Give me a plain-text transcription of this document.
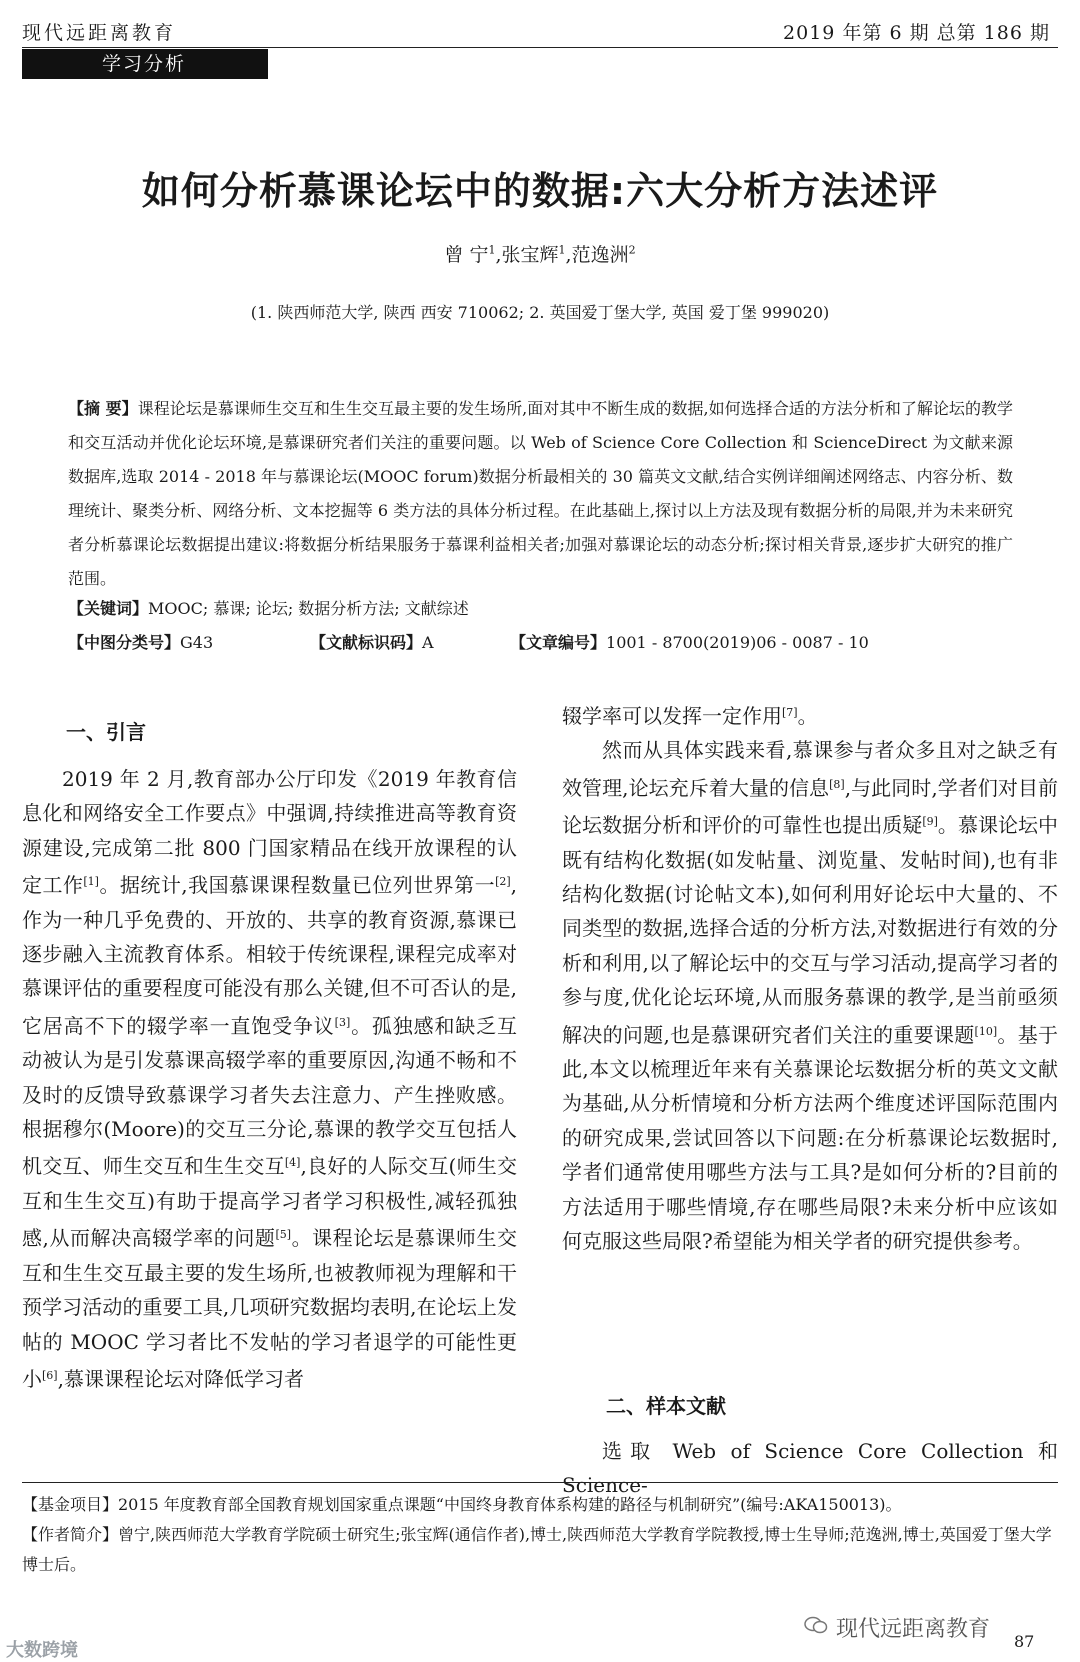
现代远距离教育	2019 年第 6 期 总第 186 期
学习分析
如何分析慕课论坛中的数据:六大分析方法述评
曾 宁$^1$,张宝辉$^1$,范逸洲$^2$
(1. 陕西师范大学, 陕西 西安 710062; 2. 英国爱丁堡大学, 英国 爱丁堡 999020)
【摘 要】课程论坛是慕课师生交互和生生交互最主要的发生场所,面对其中不断生成的数据,如何选择合适的方法分析和了解论坛的教学和交互活动并优化论坛环境,是慕课研究者们关注的重要问题。以 Web of Science Core Collection 和 ScienceDirect 为文献来源数据库,选取 2014 - 2018 年与慕课论坛(MOOC forum)数据分析最相关的 30 篇英文文献,结合实例详细阐述网络志、内容分析、数理统计、聚类分析、网络分析、文本挖掘等 6 类方法的具体分析过程。在此基础上,探讨以上方法及现有数据分析的局限,并为未来研究者分析慕课论坛数据提出建议:将数据分析结果服务于慕课利益相关者;加强对慕课论坛的动态分析;探讨相关背景,逐步扩大研究的推广范围。
【关键词】MOOC; 慕课; 论坛; 数据分析方法; 文献综述
【中图分类号】G43	【文献标识码】A	【文章编号】1001 - 8700(2019)06 - 0087 - 10
一、引言

2019 年 2 月,教育部办公厅印发《2019 年教育信息化和网络安全工作要点》中强调,持续推进高等教育资源建设,完成第二批 800 门国家精品在线开放课程的认定工作[1]。据统计,我国慕课课程数量已位列世界第一[2],作为一种几乎免费的、开放的、共享的教育资源,慕课已逐步融入主流教育体系。相较于传统课程,课程完成率对慕课评估的重要程度可能没有那么关键,但不可否认的是,它居高不下的辍学率一直饱受争议[3]。孤独感和缺乏互动被认为是引发慕课高辍学率的重要原因,沟通不畅和不及时的反馈导致慕课学习者失去注意力、产生挫败感。根据穆尔(Moore)的交互三分论,慕课的教学交互包括人机交互、师生交互和生生交互[4],良好的人际交互(师生交互和生生交互)有助于提高学习者学习积极性,减轻孤独感,从而解决高辍学率的问题[5]。课程论坛是慕课师生交互和生生交互最主要的发生场所,也被教师视为理解和干预学习活动的重要工具,几项研究数据均表明,在论坛上发帖的 MOOC 学习者比不发帖的学习者退学的可能性更小[6],慕课课程论坛对降低学习者

辍学率可以发挥一定作用[7]。

然而从具体实践来看,慕课参与者众多且对之缺乏有效管理,论坛充斥着大量的信息[8],与此同时,学者们对目前论坛数据分析和评价的可靠性也提出质疑[9]。慕课论坛中既有结构化数据(如发帖量、浏览量、发帖时间),也有非结构化数据(讨论帖文本),如何利用好论坛中大量的、不同类型的数据,选择合适的分析方法,对数据进行有效的分析和利用,以了解论坛中的交互与学习活动,提高学习者的参与度,优化论坛环境,从而服务慕课的教学,是当前亟须解决的问题,也是慕课研究者们关注的重要课题[10]。基于此,本文以梳理近年来有关慕课论坛数据分析的英文文献为基础,从分析情境和分析方法两个维度述评国际范围内的研究成果,尝试回答以下问题:在分析慕课论坛数据时,学者们通常使用哪些方法与工具?是如何分析的?目前的方法适用于哪些情境,存在哪些局限?未来分析中应该如何克服这些局限?希望能为相关学者的研究提供参考。

二、样本文献

选取 Web of Science Core Collection 和 Science-

【基金项目】2015 年度教育部全国教育规划国家重点课题“中国终身教育体系构建的路径与机制研究”(编号:AKA150013)。
【作者简介】曾宁,陕西师范大学教育学院硕士研究生;张宝辉(通信作者),博士,陕西师范大学教育学院教授,博士生导师;范逸洲,博士,英国爱丁堡大学博士后。
现代远距离教育
大数跨境	87
